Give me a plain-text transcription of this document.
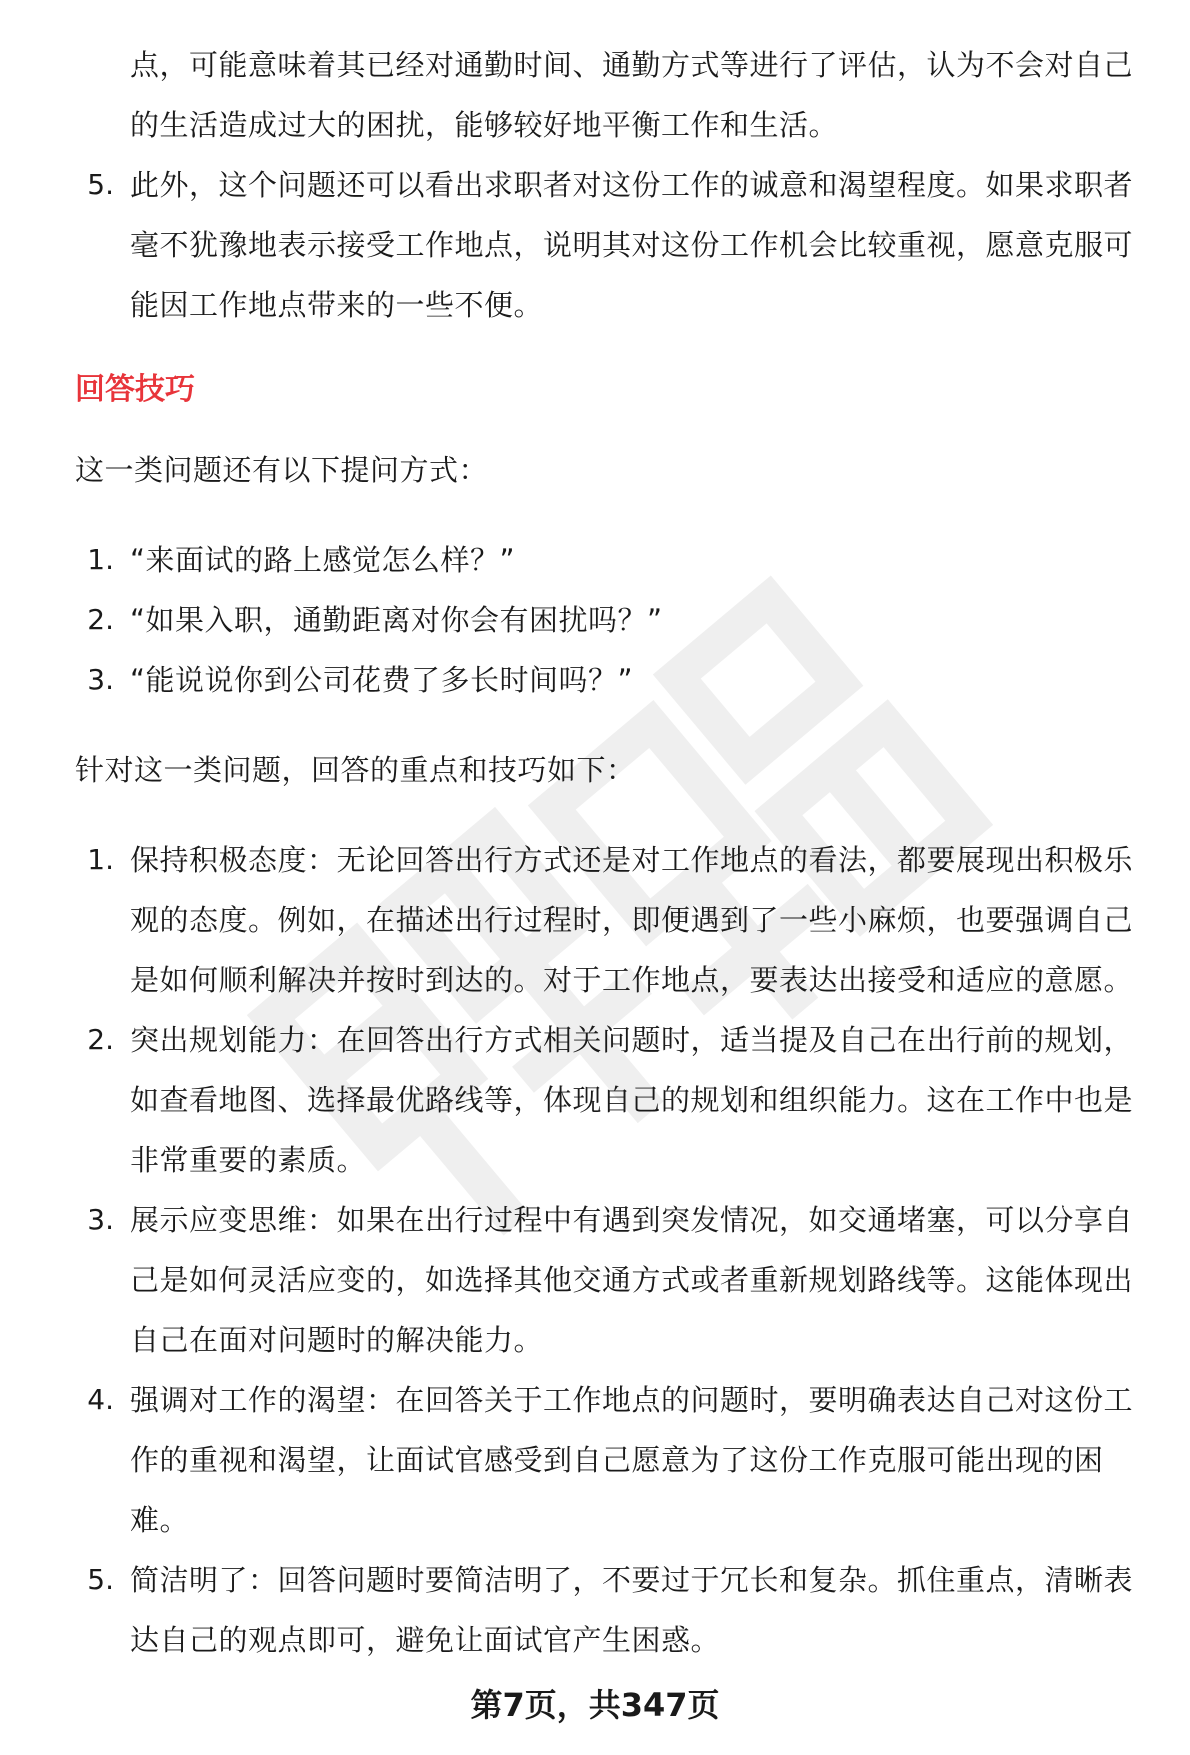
点，可能意味着其已经对通勤时间、通勤方式等进行了评估，认为不会对自己
的生活造成过大的困扰，能够较好地平衡工作和生活。
5. 此外，这个问题还可以看出求职者对这份工作的诚意和渴望程度。如果求职者
毫不犹豫地表示接受工作地点，说明其对这份工作机会比较重视，愿意克服可
能因工作地点带来的一些不便。
回答技巧
这一类问题还有以下提问方式：
1. “来面试的路上感觉怎么样？”
2. “如果入职，通勤距离对你会有困扰吗？”
3. “能说说你到公司花费了多长时间吗？”
针对这一类问题，回答的重点和技巧如下：
1. 保持积极态度：无论回答出行方式还是对工作地点的看法，都要展现出积极乐
观的态度。例如，在描述出行过程时，即便遇到了一些小麻烦，也要强调自己
是如何顺利解决并按时到达的。对于工作地点，要表达出接受和适应的意愿。
2. 突出规划能力：在回答出行方式相关问题时，适当提及自己在出行前的规划，
如查看地图、选择最优路线等，体现自己的规划和组织能力。这在工作中也是
非常重要的素质。
3. 展示应变思维：如果在出行过程中有遇到突发情况，如交通堵塞，可以分享自
己是如何灵活应变的，如选择其他交通方式或者重新规划路线等。这能体现出
自己在面对问题时的解决能力。
4. 强调对工作的渴望：在回答关于工作地点的问题时，要明确表达自己对这份工
作的重视和渴望，让面试官感受到自己愿意为了这份工作克服可能出现的困
难。
5. 简洁明了：回答问题时要简洁明了，不要过于冗长和复杂。抓住重点，清晰表
达自己的观点即可，避免让面试官产生困惑。
第7页，共347页
